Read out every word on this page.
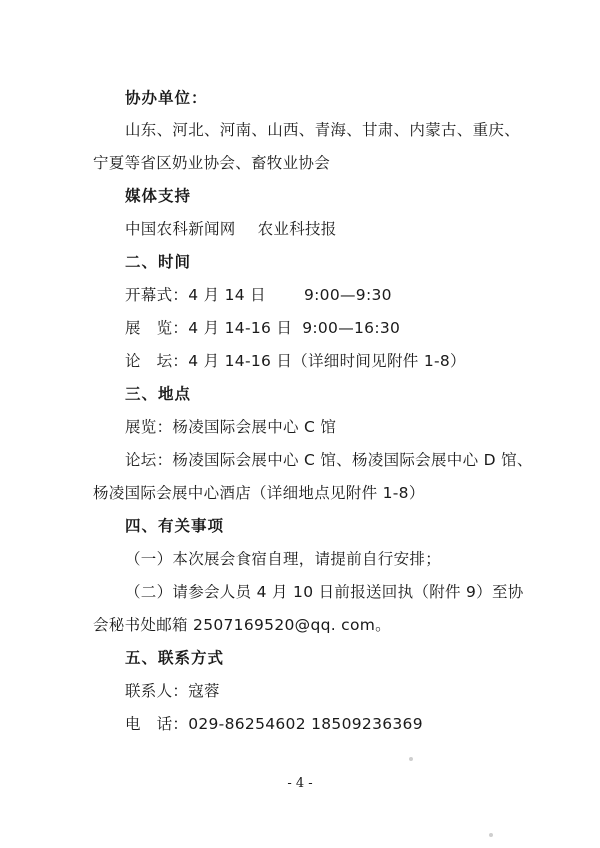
协办单位：
山东、河北、河南、山西、青海、甘肃、内蒙古、重庆、
宁夏等省区奶业协会、畜牧业协会
媒体支持
中国农科新闻网 农业科技报
二、时间
开幕式：4 月 14 日 9:00—9:30
展　览：4 月 14-16 日 9:00—16:30
论　坛：4 月 14-16 日（详细时间见附件 1-8）
三、地点
展览：杨凌国际会展中心 C 馆
论坛：杨凌国际会展中心 C 馆、杨凌国际会展中心 D 馆、
杨凌国际会展中心酒店（详细地点见附件 1-8）
四、有关事项
（一）本次展会食宿自理，请提前自行安排；
（二）请参会人员 4 月 10 日前报送回执（附件 9）至协
会秘书处邮箱 2507169520@qq. com。
五、联系方式
联系人：寇蓉
电　话：029-86254602 18509236369
- 4 -
